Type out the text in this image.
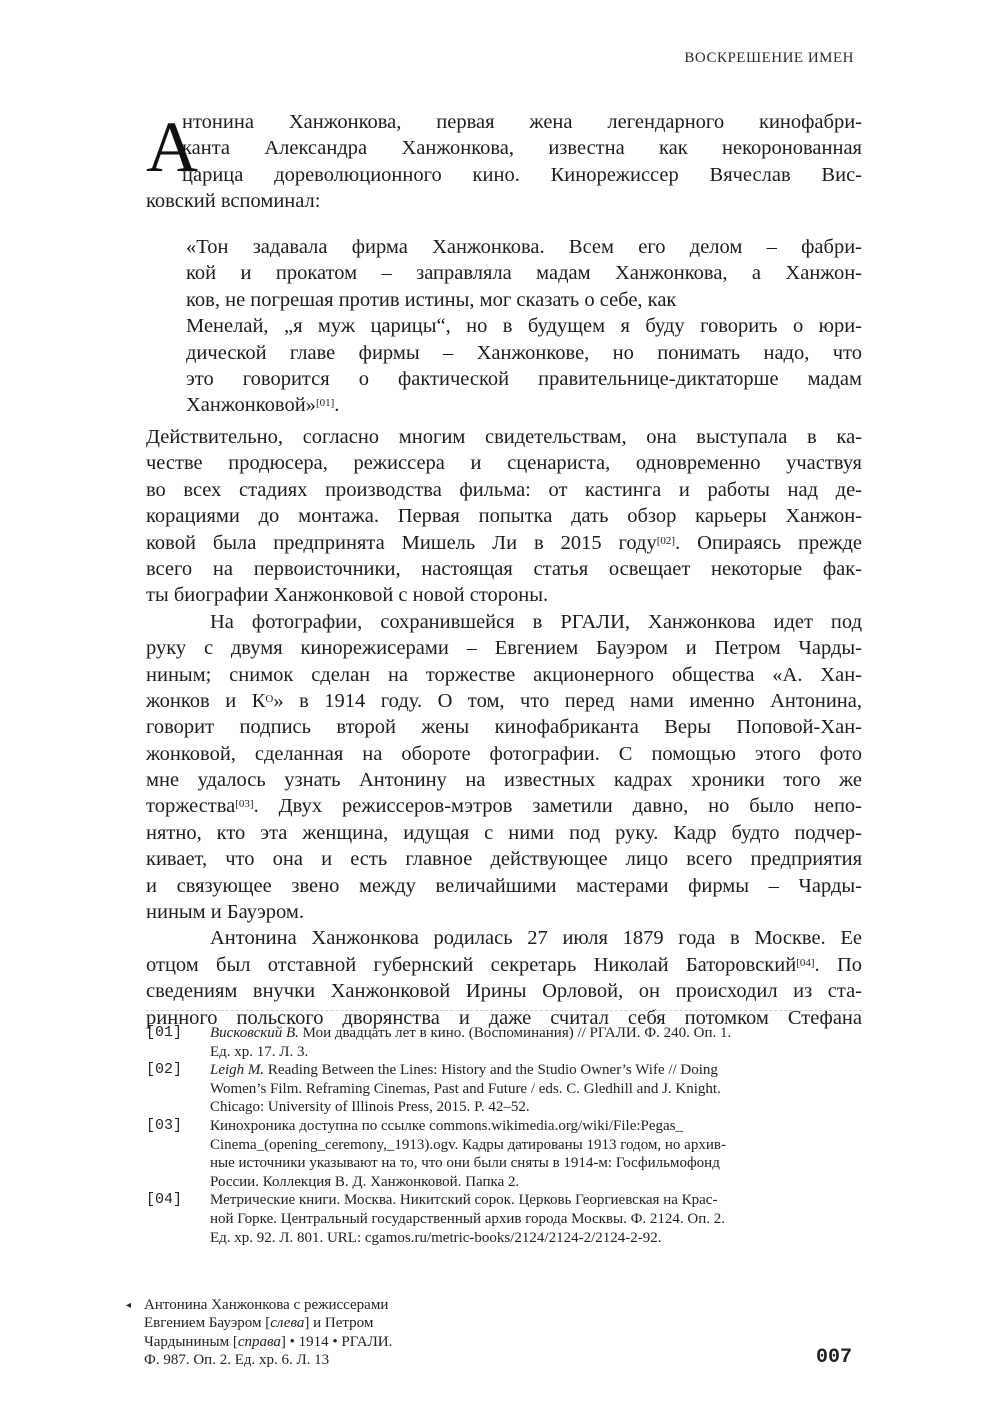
ВОСКРЕШЕНИЕ ИМЕН
А
нтонина Ханжонкова, первая жена легендарного кинофабри-
канта Александра Ханжонкова, известна как некоронованная
царица дореволюционного кино. Кинорежиссер Вячеслав Вис-
ковский вспоминал:
«Тон задавала фирма Ханжонкова. Всем его делом – фабри-
кой и прокатом – заправляла мадам Ханжонкова, а Ханжон-
ков, не погрешая против истины, мог сказать о себе, как
Менелай, „я муж царицы“, но в будущем я буду говорить о юри-
дической главе фирмы – Ханжонкове, но понимать надо, что
это говорится о фактической правительнице-диктаторше мадам
Ханжонковой»[01].
Действительно, согласно многим свидетельствам, она выступала в ка-
честве продюсера, режиссера и сценариста, одновременно участвуя
во всех стадиях производства фильма: от кастинга и работы над де-
корациями до монтажа. Первая попытка дать обзор карьеры Ханжон-
ковой была предпринята Мишель Ли в 2015 году[02]. Опираясь прежде
всего на первоисточники, настоящая статья освещает некоторые фак-
ты биографии Ханжонковой с новой стороны.
На фотографии, сохранившейся в РГАЛИ, Ханжонкова идет под
руку с двумя кинорежисерами – Евгением Бауэром и Петром Чарды-
ниным; снимок сделан на торжестве акционерного общества «А. Хан-
жонков и $К^О$» в 1914 году. О том, что перед нами именно Антонина,
говорит подпись второй жены кинофабриканта Веры Поповой-Хан-
жонковой, сделанная на обороте фотографии. С помощью этого фото
мне удалось узнать Антонину на известных кадрах хроники того же
торжества[03]. Двух режиссеров-мэтров заметили давно, но было непо-
нятно, кто эта женщина, идущая с ними под руку. Кадр будто подчер-
кивает, что она и есть главное действующее лицо всего предприятия
и связующее звено между величайшими мастерами фирмы – Чарды-
ниным и Бауэром.
Антонина Ханжонкова родилась 27 июля 1879 года в Москве. Ее
отцом был отставной губернский секретарь Николай Баторовский[04]. По
сведениям внучки Ханжонковой Ирины Орловой, он происходил из ста-
ринного польского дворянства и даже считал себя потомком Стефана
[01]	Висковский В. Мои двадцать лет в кино. (Воспоминания) // РГАЛИ. Ф. 240. Оп. 1.
Ед. хр. 17. Л. 3.
[02]	Leigh M. Reading Between the Lines: History and the Studio Owner’s Wife // Doing
Women’s Film. Reframing Cinemas, Past and Future / eds. C. Gledhill and J. Knight.
Chicago: University of Illinois Press, 2015. P. 42–52.
[03]	Кинохроника доступна по ссылке commons.wikimedia.org/wiki/File:Pegas_
Cinema_(opening_ceremony,_1913).ogv. Кадры датированы 1913 годом, но архив-
ные источники указывают на то, что они были сняты в 1914-м: Госфильмофонд
России. Коллекция В. Д. Ханжонковой. Папка 2.
[04]	Метрические книги. Москва. Никитский сорок. Церковь Георгиевская на Крас-
ной Горке. Центральный государственный архив города Москвы. Ф. 2124. Оп. 2.
Ед. хр. 92. Л. 801. URL: cgamos.ru/metric-books/2124/2124-2/2124-2-92.
◂ Антонина Ханжонкова с режиссерами
Евгением Бауэром [слева] и Петром
Чардыниным [справа] • 1914 • РГАЛИ.
Ф. 987. Оп. 2. Ед. хр. 6. Л. 13	007
